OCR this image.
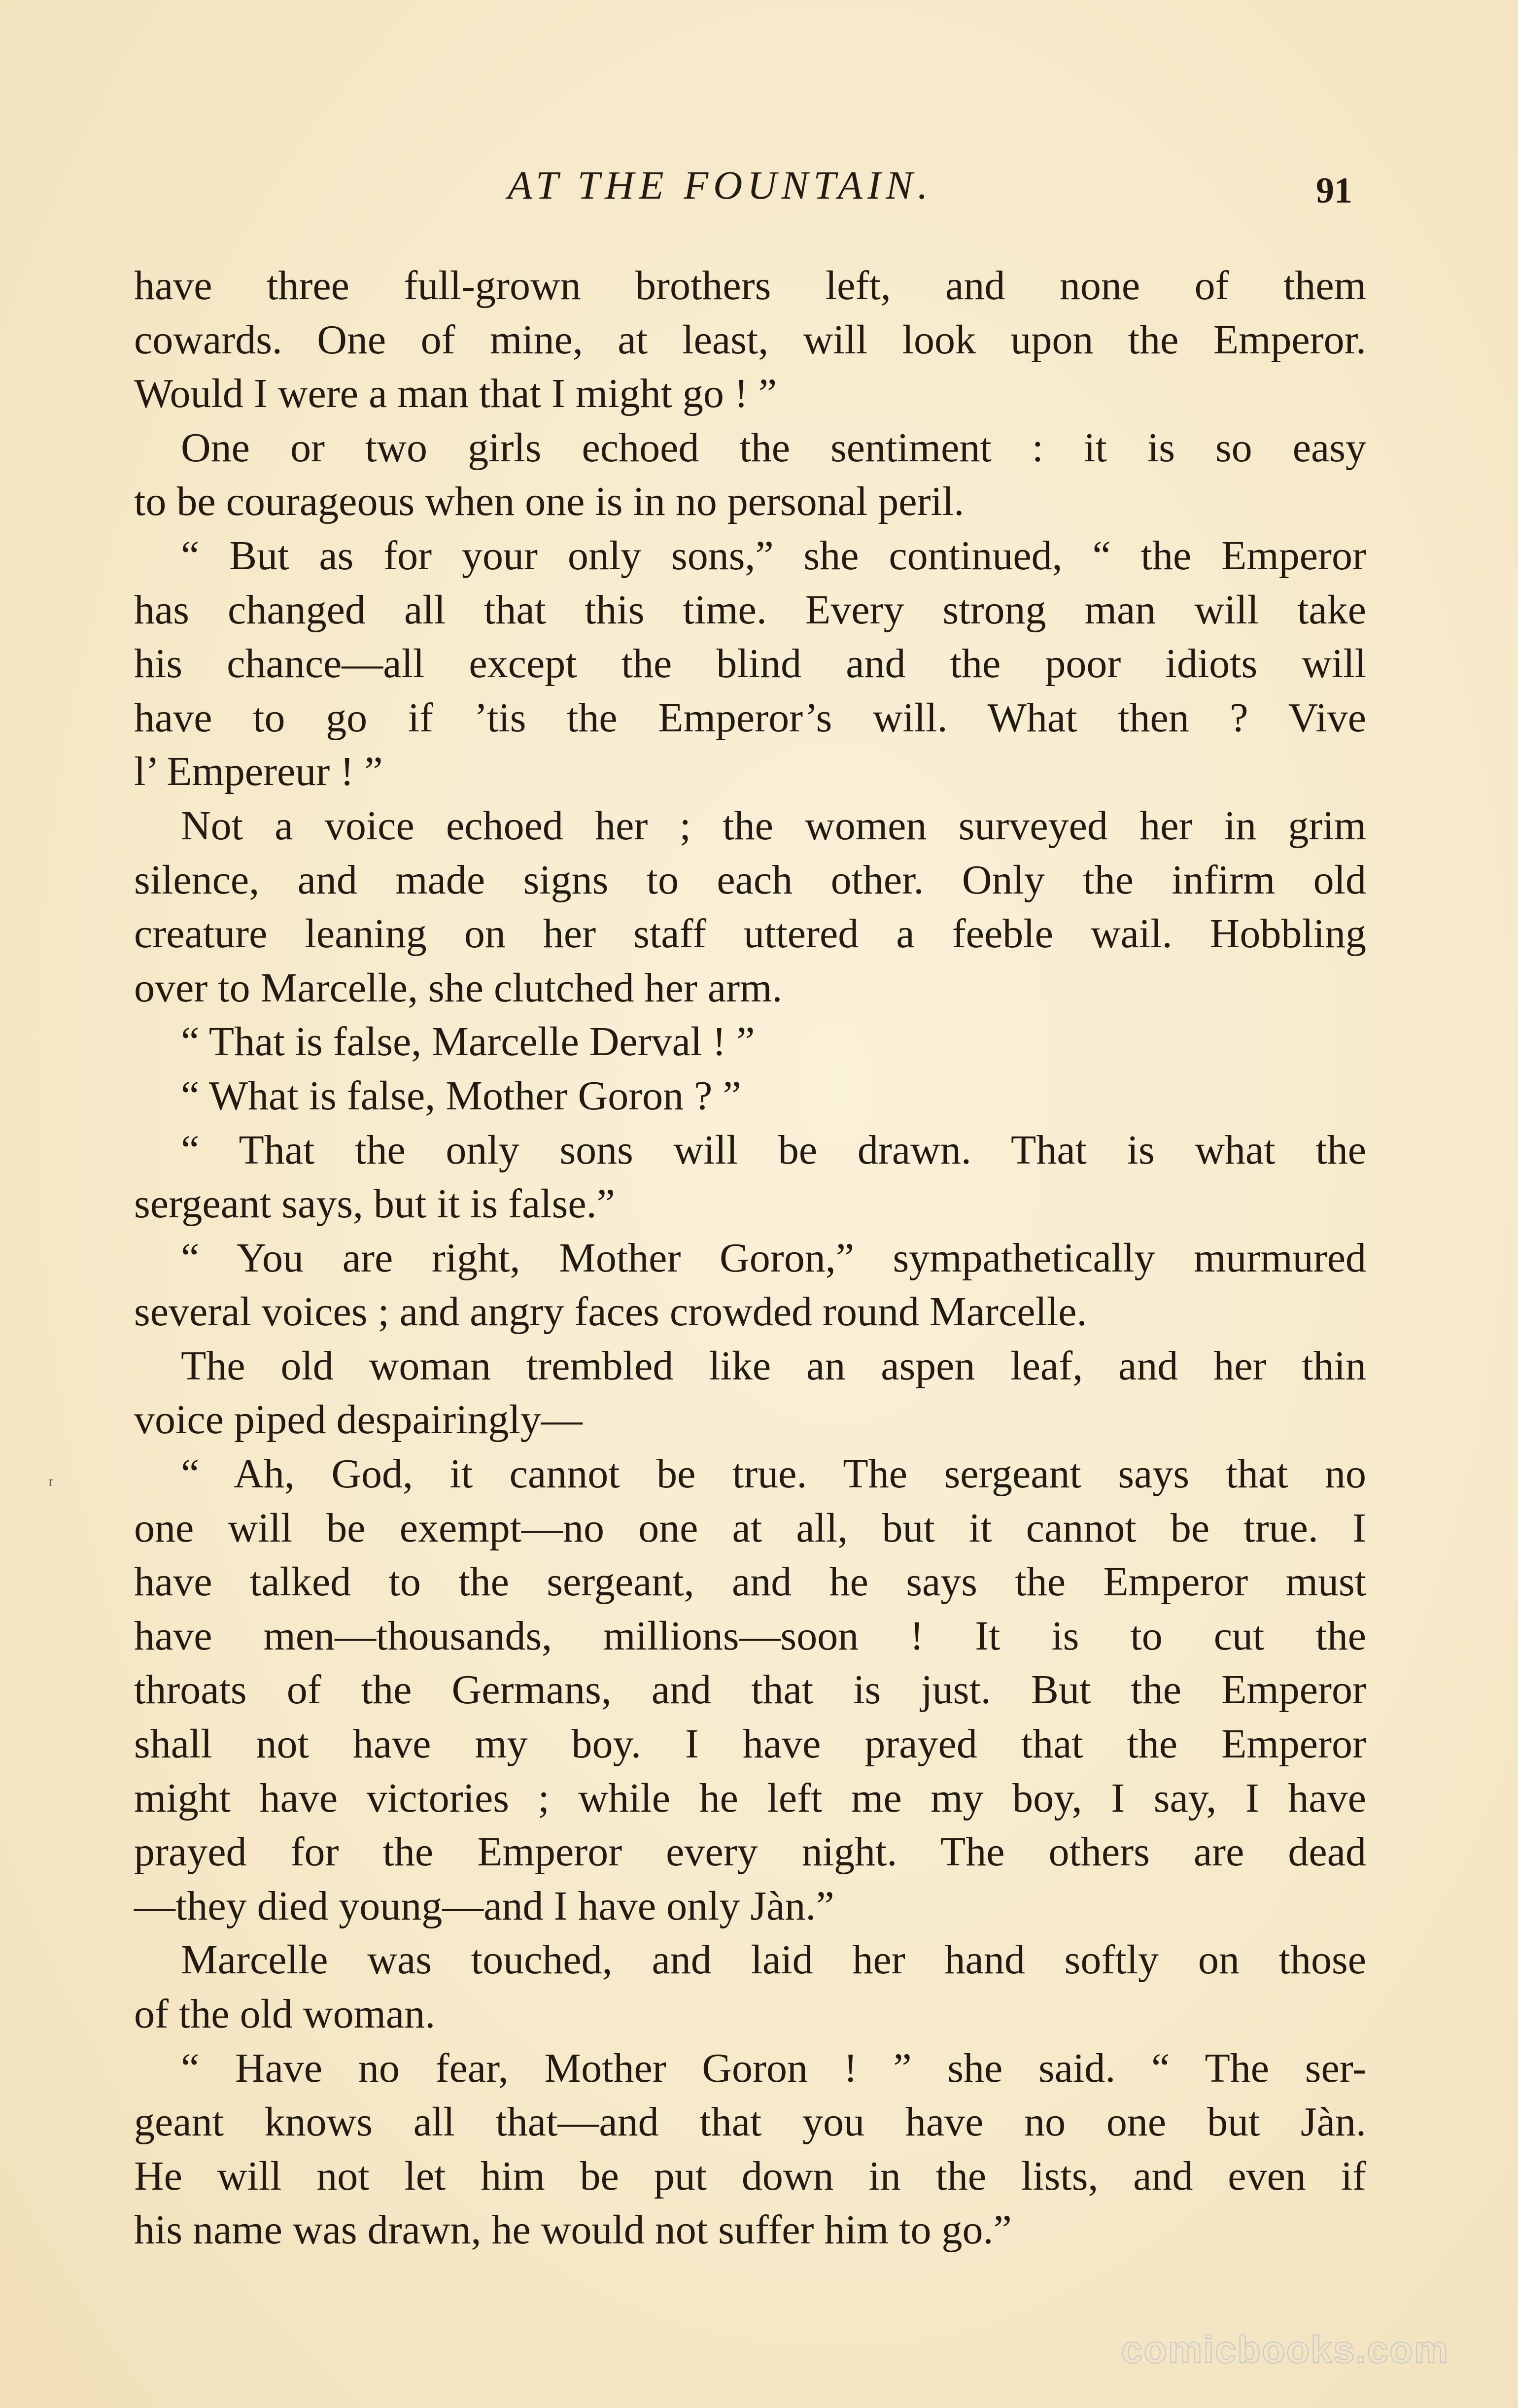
AT THE FOUNTAIN.	91
have three full-grown brothers left, and none of them
cowards. One of mine, at least, will look upon the Emperor.
Would I were a man that I might go ! ”
One or two girls echoed the sentiment : it is so easy
to be courageous when one is in no personal peril.
“ But as for your only sons,” she continued, “ the Emperor
has changed all that this time. Every strong man will take
his chance—all except the blind and the poor idiots will
have to go if ’tis the Emperor’s will. What then ? Vive
l’ Empereur ! ”
Not a voice echoed her ; the women surveyed her in grim
silence, and made signs to each other. Only the infirm old
creature leaning on her staff uttered a feeble wail. Hobbling
over to Marcelle, she clutched her arm.
“ That is false, Marcelle Derval ! ”
“ What is false, Mother Goron ? ”
“ That the only sons will be drawn. That is what the
sergeant says, but it is false.”
“ You are right, Mother Goron,” sympathetically murmured
several voices ; and angry faces crowded round Marcelle.
The old woman trembled like an aspen leaf, and her thin
voice piped despairingly—
“ Ah, God, it cannot be true. The sergeant says that no
one will be exempt—no one at all, but it cannot be true. I
have talked to the sergeant, and he says the Emperor must
have men—thousands, millions—soon ! It is to cut the
throats of the Germans, and that is just. But the Emperor
shall not have my boy. I have prayed that the Emperor
might have victories ; while he left me my boy, I say, I have
prayed for the Emperor every night. The others are dead
—they died young—and I have only Jàn.”
Marcelle was touched, and laid her hand softly on those
of the old woman.
“ Have no fear, Mother Goron ! ” she said. “ The ser-
geant knows all that—and that you have no one but Jàn.
He will not let him be put down in the lists, and even if
his name was drawn, he would not suffer him to go.”
ʳ
comicbooks.com
